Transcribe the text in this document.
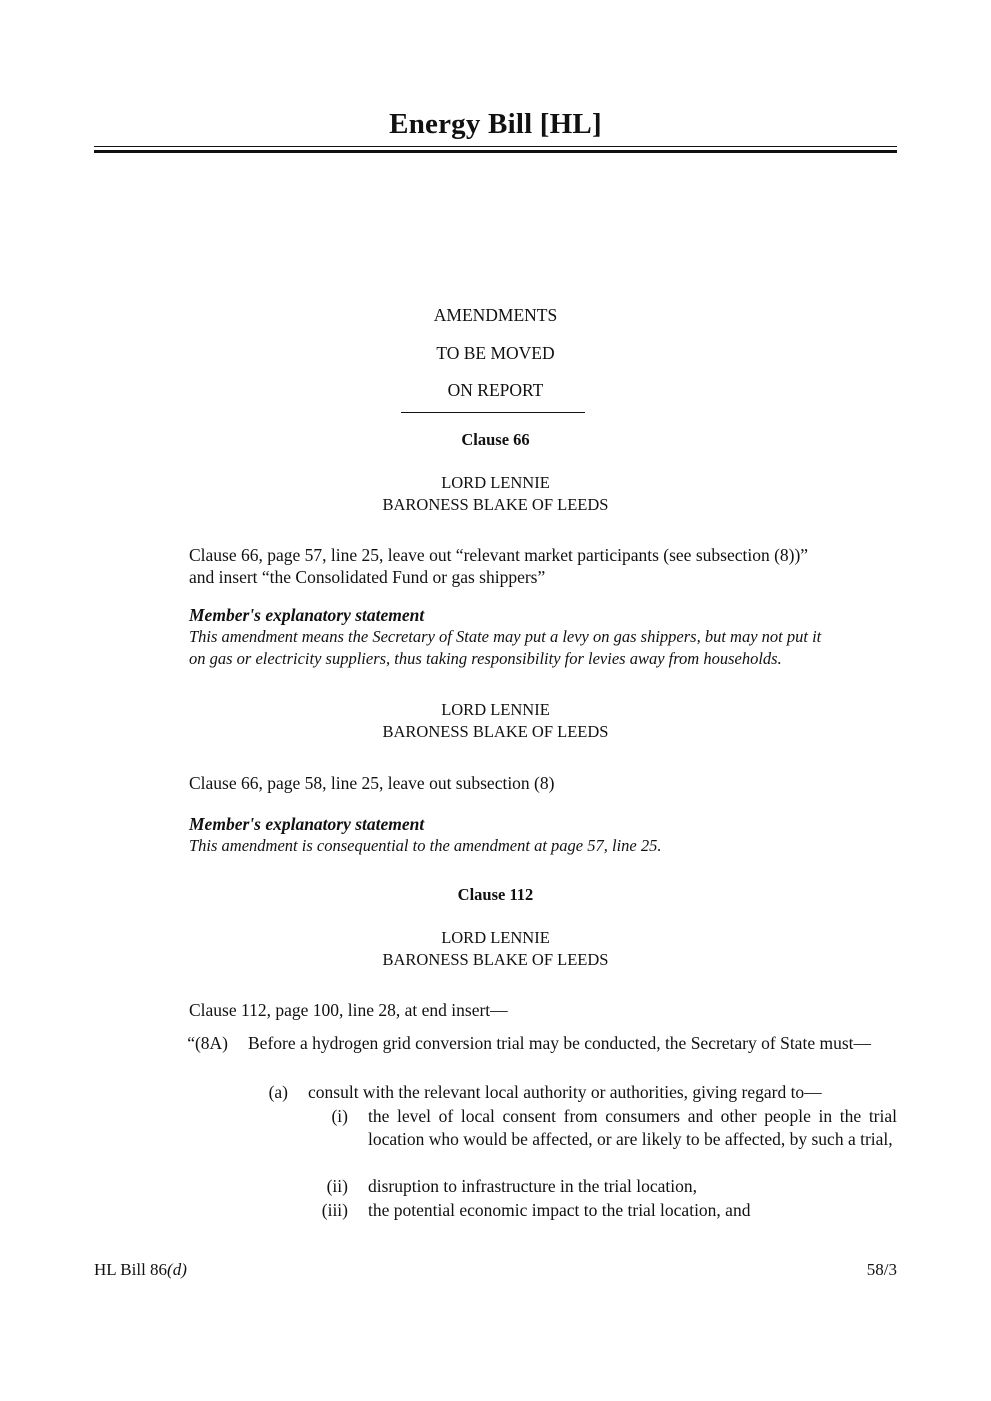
Energy Bill [HL]
AMENDMENTS
TO BE MOVED
ON REPORT
Clause 66
LORD LENNIE
BARONESS BLAKE OF LEEDS
Clause 66, page 57, line 25, leave out “relevant market participants (see subsection (8))”
and insert “the Consolidated Fund or gas shippers”
Member's explanatory statement
This amendment means the Secretary of State may put a levy on gas shippers, but may not put it
on gas or electricity suppliers, thus taking responsibility for levies away from households.
LORD LENNIE
BARONESS BLAKE OF LEEDS
Clause 66, page 58, line 25, leave out subsection (8)
Member's explanatory statement
This amendment is consequential to the amendment at page 57, line 25.
Clause 112
LORD LENNIE
BARONESS BLAKE OF LEEDS
Clause 112, page 100, line 28, at end insert—
“(8A) Before a hydrogen grid conversion trial may be conducted, the Secretary of State must—
(a) consult with the relevant local authority or authorities, giving regard to—
(i) the level of local consent from consumers and other people in the trial location who would be affected, or are likely to be affected, by such a trial,
(ii) disruption to infrastructure in the trial location,
(iii) the potential economic impact to the trial location, and
HL Bill 86(d)	58/3
